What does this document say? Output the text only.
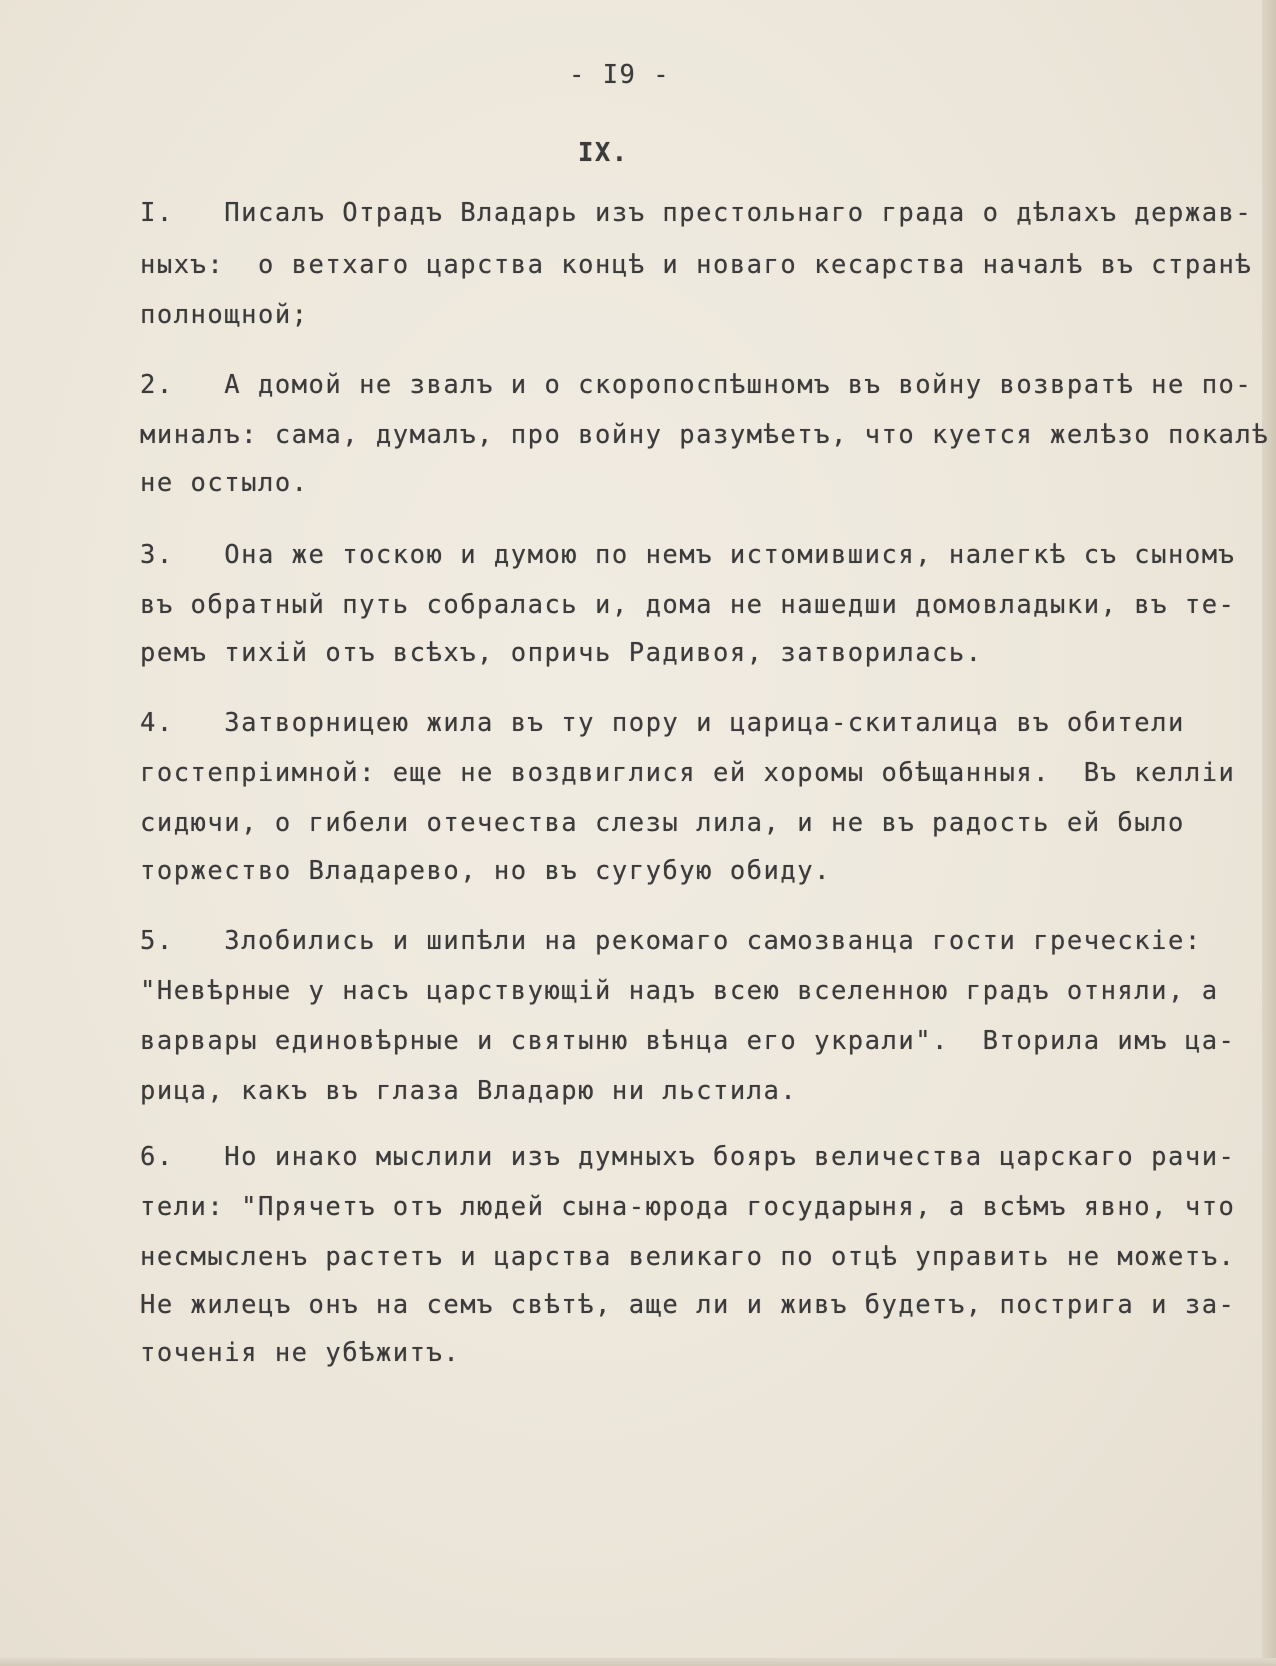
- I9 -
IX.
I.   Писалъ Отрадъ Владарь изъ престольнаго града о дѣлахъ держав-
ныхъ:  о ветхаго царства концѣ и новаго кесарства началѣ въ странѣ
полнощной;
2.   А домой не звалъ и о скоропоспѣшномъ въ войну возвратѣ не по-
миналъ: сама, думалъ, про войну разумѣетъ, что куется желѣзо покалѣ
не остыло.
3.   Она же тоскою и думою по немъ истомившися, налегкѣ съ сыномъ
въ обратный путь собралась и, дома не нашедши домовладыки, въ те-
ремъ тихій отъ всѣхъ, опричь Радивоя, затворилась.
4.   Затворницею жила въ ту пору и царица-скиталица въ обители
гостепріимной: еще не воздвиглися ей хоромы обѣщанныя.  Въ келліи
сидючи, о гибели отечества слезы лила, и не въ радость ей было
торжество Владарево, но въ сугубую обиду.
5.   Злобились и шипѣли на рекомаго самозванца гости греческіе:
"Невѣрные у насъ царствующій надъ всею вселенною градъ отняли, а
варвары единовѣрные и святыню вѣнца его украли".  Вторила имъ ца-
рица, какъ въ глаза Владарю ни льстила.
6.   Но инако мыслили изъ думныхъ бояръ величества царскаго рачи-
тели: "Прячетъ отъ людей сына-юрода государыня, а всѣмъ явно, что
несмысленъ растетъ и царства великаго по отцѣ управить не можетъ.
Не жилецъ онъ на семъ свѣтѣ, аще ли и живъ будетъ, пострига и за-
точенія не убѣжитъ.
